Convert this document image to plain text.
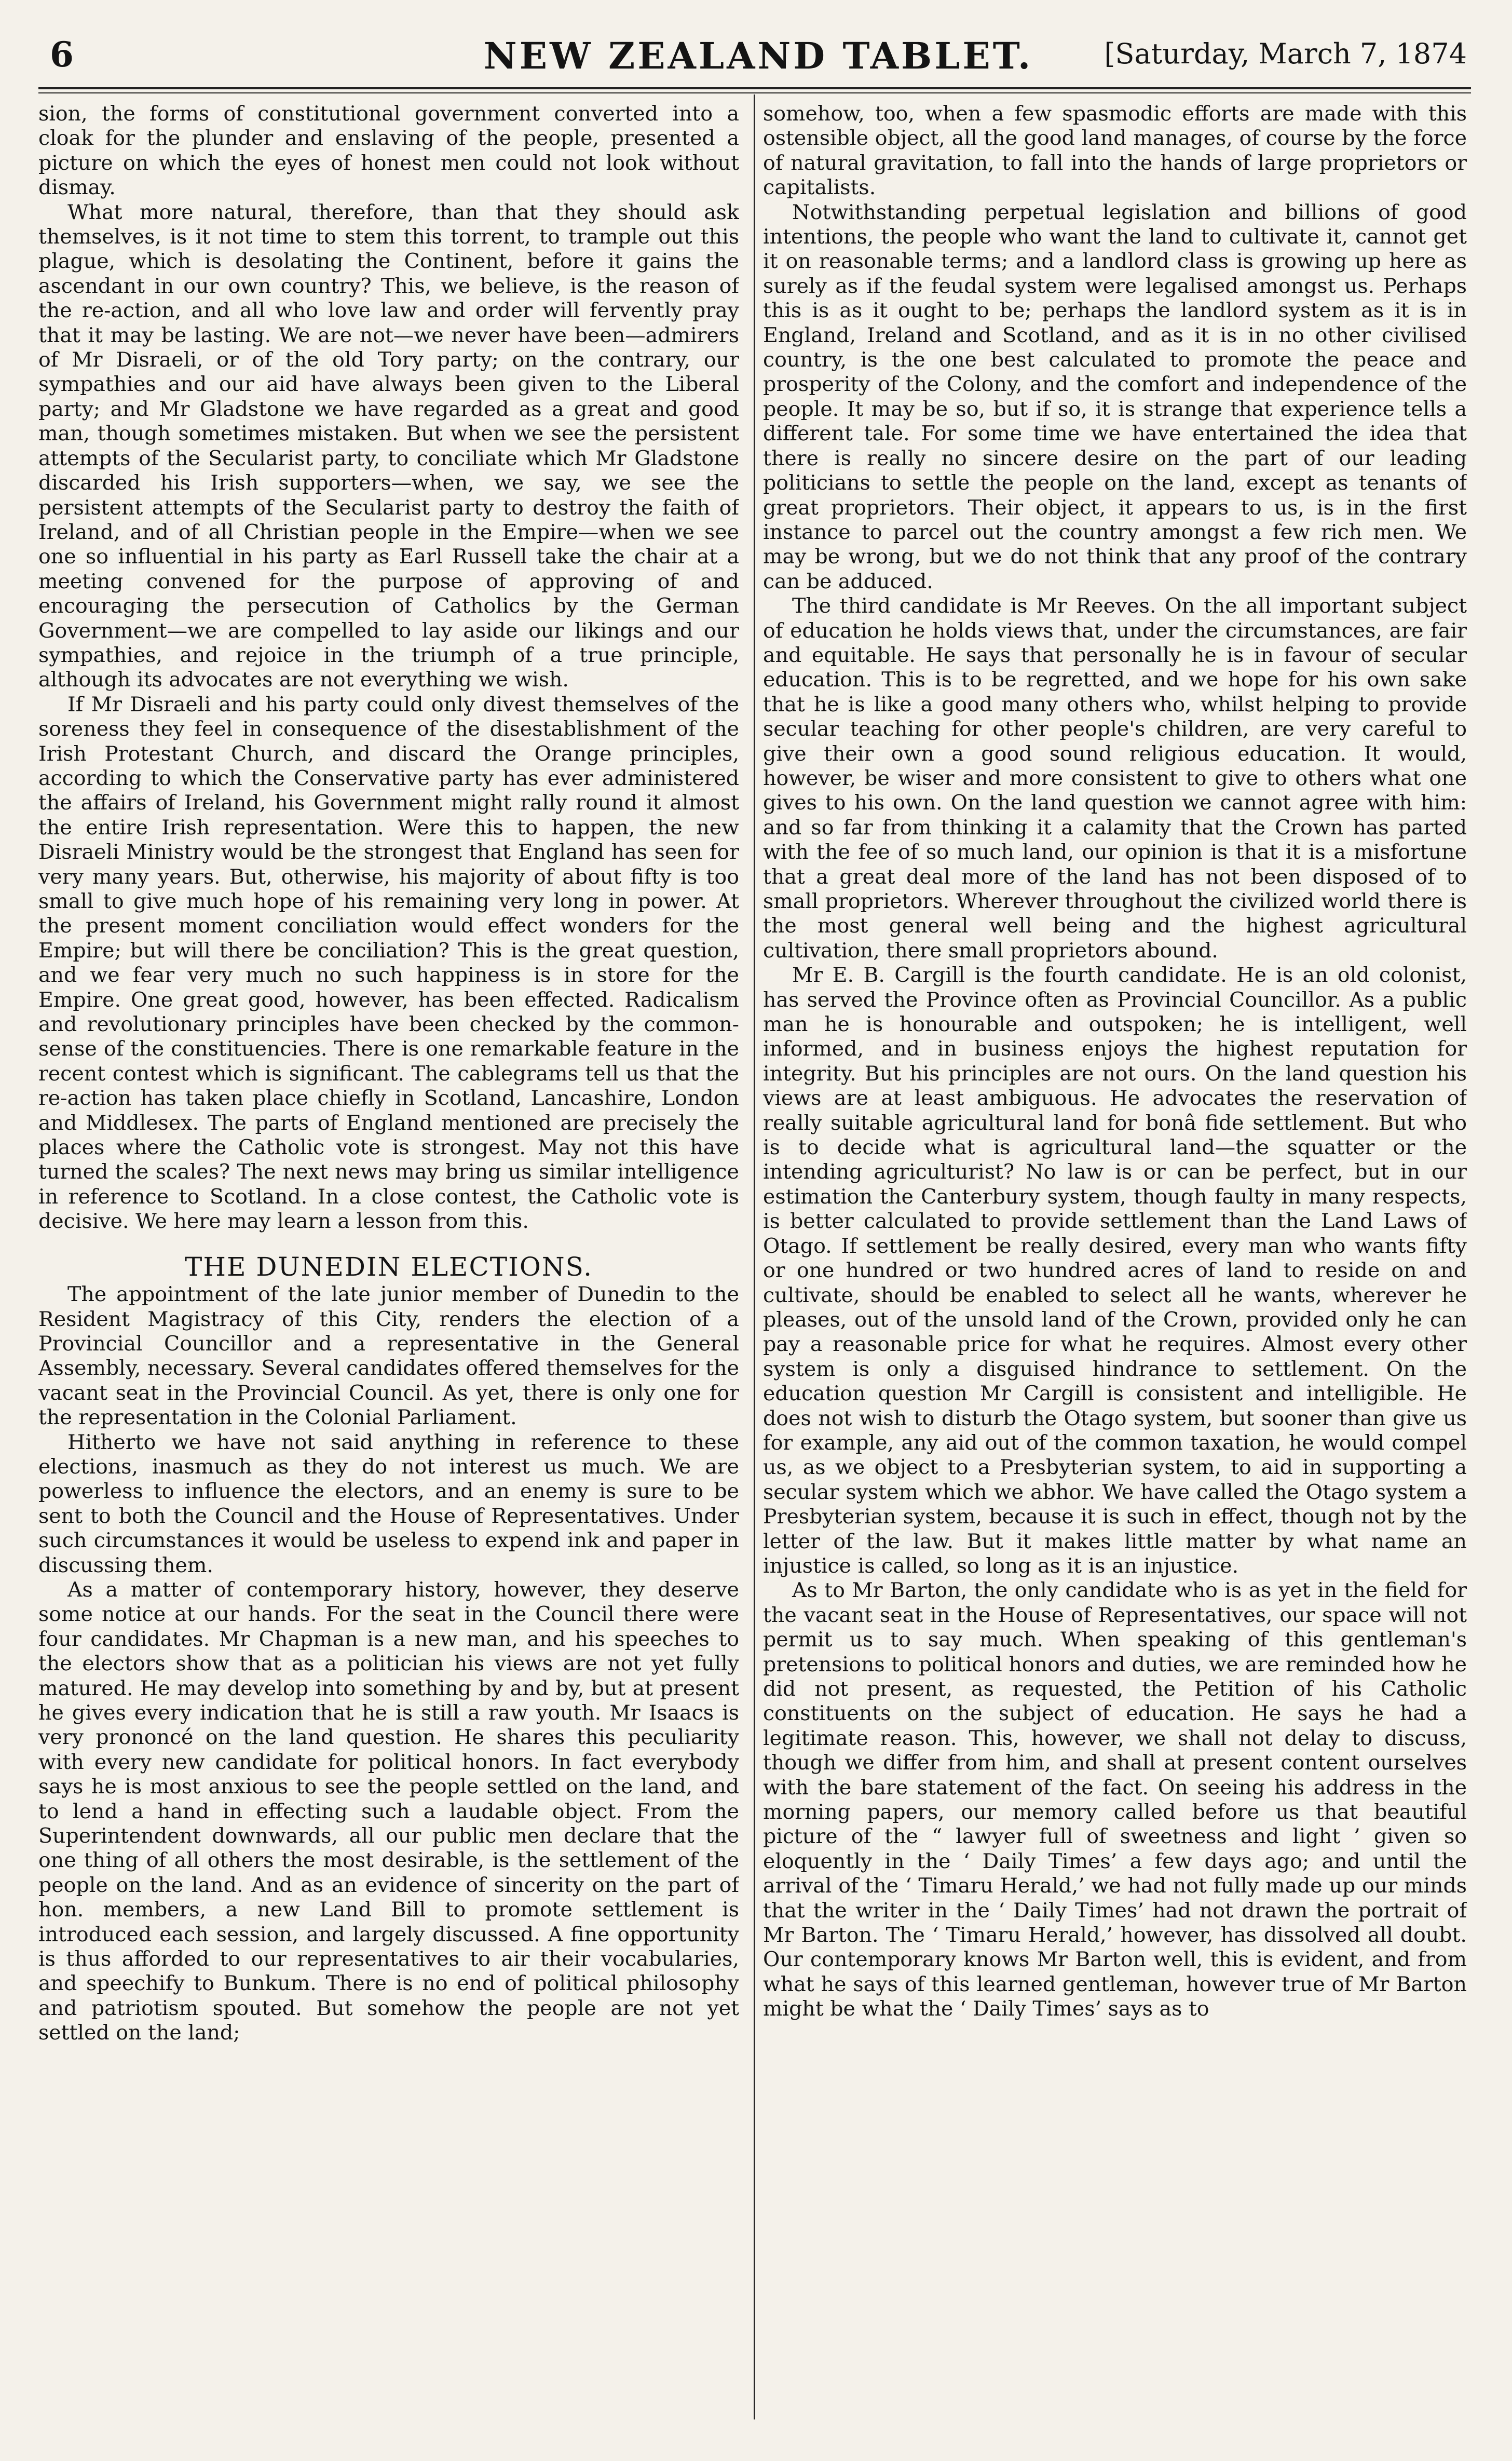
6	NEW ZEALAND TABLET.	[Saturday, March 7, 1874

sion, the forms of constitutional government converted into a cloak for the plunder and enslaving of the people, presented a picture on which the eyes of honest men could not look without dismay.

What more natural, therefore, than that they should ask themselves, is it not time to stem this torrent, to trample out this plague, which is desolating the Continent, before it gains the ascendant in our own country? This, we believe, is the reason of the re-action, and all who love law and order will fervently pray that it may be lasting. We are not—we never have been—admirers of Mr Disraeli, or of the old Tory party; on the contrary, our sympathies and our aid have always been given to the Liberal party; and Mr Gladstone we have regarded as a great and good man, though sometimes mistaken. But when we see the persistent attempts of the Secularist party, to conciliate which Mr Gladstone discarded his Irish supporters—when, we say, we see the persistent attempts of the Secularist party to destroy the faith of Ireland, and of all Christian people in the Empire—when we see one so influential in his party as Earl Russell take the chair at a meeting convened for the purpose of approving of and encouraging the persecution of Catholics by the German Government—we are compelled to lay aside our likings and our sympathies, and rejoice in the triumph of a true principle, although its advocates are not everything we wish.

If Mr Disraeli and his party could only divest themselves of the soreness they feel in consequence of the disestablishment of the Irish Protestant Church, and discard the Orange principles, according to which the Conservative party has ever administered the affairs of Ireland, his Government might rally round it almost the entire Irish representation. Were this to happen, the new Disraeli Ministry would be the strongest that England has seen for very many years. But, otherwise, his majority of about fifty is too small to give much hope of his remaining very long in power. At the present moment conciliation would effect wonders for the Empire; but will there be conciliation? This is the great question, and we fear very much no such happiness is in store for the Empire. One great good, however, has been effected. Radicalism and revolutionary principles have been checked by the common-sense of the constituencies. There is one remarkable feature in the recent contest which is significant. The cablegrams tell us that the re-action has taken place chiefly in Scotland, Lancashire, London and Middlesex. The parts of England mentioned are precisely the places where the Catholic vote is strongest. May not this have turned the scales? The next news may bring us similar intelligence in reference to Scotland. In a close contest, the Catholic vote is decisive. We here may learn a lesson from this.

THE DUNEDIN ELECTIONS.

The appointment of the late junior member of Dunedin to the Resident Magistracy of this City, renders the election of a Provincial Councillor and a representative in the General Assembly, necessary. Several candidates offered themselves for the vacant seat in the Provincial Council. As yet, there is only one for the representation in the Colonial Parliament.

Hitherto we have not said anything in reference to these elections, inasmuch as they do not interest us much. We are powerless to influence the electors, and an enemy is sure to be sent to both the Council and the House of Representatives. Under such circumstances it would be useless to expend ink and paper in discussing them.

As a matter of contemporary history, however, they deserve some notice at our hands. For the seat in the Council there were four candidates. Mr Chapman is a new man, and his speeches to the electors show that as a politician his views are not yet fully matured. He may develop into something by and by, but at present he gives every indication that he is still a raw youth. Mr Isaacs is very prononcé on the land question. He shares this peculiarity with every new candidate for political honors. In fact everybody says he is most anxious to see the people settled on the land, and to lend a hand in effecting such a laudable object. From the Superintendent downwards, all our public men declare that the one thing of all others the most desirable, is the settlement of the people on the land. And as an evidence of sincerity on the part of hon. members, a new Land Bill to promote settlement is introduced each session, and largely discussed. A fine opportunity is thus afforded to our representatives to air their vocabularies, and speechify to Bunkum. There is no end of political philosophy and patriotism spouted. But somehow the people are not yet settled on the land;

somehow, too, when a few spasmodic efforts are made with this ostensible object, all the good land manages, of course by the force of natural gravitation, to fall into the hands of large proprietors or capitalists.

Notwithstanding perpetual legislation and billions of good intentions, the people who want the land to cultivate it, cannot get it on reasonable terms; and a landlord class is growing up here as surely as if the feudal system were legalised amongst us. Perhaps this is as it ought to be; perhaps the landlord system as it is in England, Ireland and Scotland, and as it is in no other civilised country, is the one best calculated to promote the peace and prosperity of the Colony, and the comfort and independence of the people. It may be so, but if so, it is strange that experience tells a different tale. For some time we have entertained the idea that there is really no sincere desire on the part of our leading politicians to settle the people on the land, except as tenants of great proprietors. Their object, it appears to us, is in the first instance to parcel out the country amongst a few rich men. We may be wrong, but we do not think that any proof of the contrary can be adduced.

The third candidate is Mr Reeves. On the all important subject of education he holds views that, under the circumstances, are fair and equitable. He says that personally he is in favour of secular education. This is to be regretted, and we hope for his own sake that he is like a good many others who, whilst helping to provide secular teaching for other people's children, are very careful to give their own a good sound religious education. It would, however, be wiser and more consistent to give to others what one gives to his own. On the land question we cannot agree with him: and so far from thinking it a calamity that the Crown has parted with the fee of so much land, our opinion is that it is a misfortune that a great deal more of the land has not been disposed of to small proprietors. Wherever throughout the civilized world there is the most general well being and the highest agricultural cultivation, there small proprietors abound.

Mr E. B. Cargill is the fourth candidate. He is an old colonist, has served the Province often as Provincial Councillor. As a public man he is honourable and outspoken; he is intelligent, well informed, and in business enjoys the highest reputation for integrity. But his principles are not ours. On the land question his views are at least ambiguous. He advocates the reservation of really suitable agricultural land for bonâ fide settlement. But who is to decide what is agricultural land—the squatter or the intending agriculturist? No law is or can be perfect, but in our estimation the Canterbury system, though faulty in many respects, is better calculated to provide settlement than the Land Laws of Otago. If settlement be really desired, every man who wants fifty or one hundred or two hundred acres of land to reside on and cultivate, should be enabled to select all he wants, wherever he pleases, out of the unsold land of the Crown, provided only he can pay a reasonable price for what he requires. Almost every other system is only a disguised hindrance to settlement. On the education question Mr Cargill is consistent and intelligible. He does not wish to disturb the Otago system, but sooner than give us for example, any aid out of the common taxation, he would compel us, as we object to a Presbyterian system, to aid in supporting a secular system which we abhor. We have called the Otago system a Presbyterian system, because it is such in effect, though not by the letter of the law. But it makes little matter by what name an injustice is called, so long as it is an injustice.

As to Mr Barton, the only candidate who is as yet in the field for the vacant seat in the House of Representatives, our space will not permit us to say much. When speaking of this gentleman's pretensions to political honors and duties, we are reminded how he did not present, as requested, the Petition of his Catholic constituents on the subject of education. He says he had a legitimate reason. This, however, we shall not delay to discuss, though we differ from him, and shall at present content ourselves with the bare statement of the fact. On seeing his address in the morning papers, our memory called before us that beautiful picture of the “ lawyer full of sweetness and light ’ given so eloquently in the ‘ Daily Times’ a few days ago; and until the arrival of the ‘ Timaru Herald,’ we had not fully made up our minds that the writer in the ‘ Daily Times’ had not drawn the portrait of Mr Barton. The ‘ Timaru Herald,’ however, has dissolved all doubt. Our contemporary knows Mr Barton well, this is evident, and from what he says of this learned gentleman, however true of Mr Barton might be what the ‘ Daily Times’ says as to
